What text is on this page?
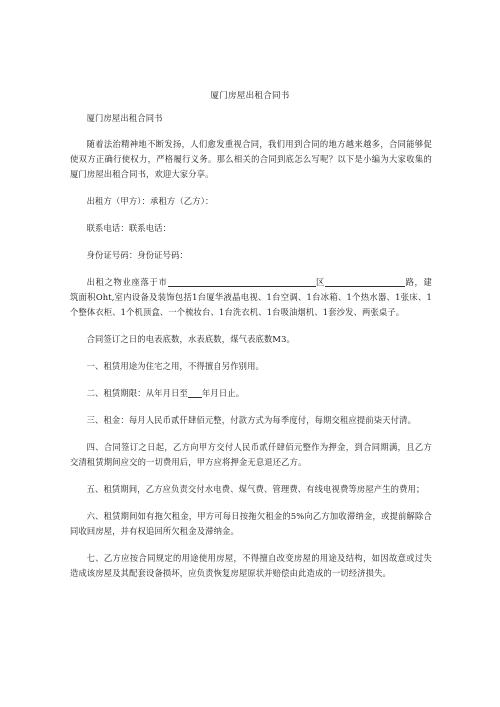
厦门房屋出租合同书

厦门房屋出租合同书

随着法治精神地不断发扬，人们愈发重视合同，我们用到合同的地方越来越多，合同能够促使双方正确行使权力，严格履行义务。那么相关的合同到底怎么写呢？以下是小编为大家收集的厦门房屋出租合同书，欢迎大家分享。

出租方（甲方）：承租方（乙方）：

联系电话：联系电话：

身份证号码：身份证号码：

出租之物业座落于市	区	路，建筑面积Oht,室内设备及装饰包括1台厦华液晶电视、1台空调、1台冰箱、1个热水器、1张床、1个整体衣柜、1个机顶盒、一个梳妆台、1台洗衣机、1台吸油烟机、1套沙发、两张桌子。

合同签订之日的电表底数，水表底数，煤气表底数M3。

一、租赁用途为住宅之用，不得擅自另作别用。

二、租赁期限：从年月日至 年月日止。

三、租金：每月人民币贰仟肆佰元整，付款方式为每季度付，每期交租应提前柒天付清。

四、合同签订之日起，乙方向甲方交付人民币贰仟肆佰元整作为押金，到合同期满，且乙方交清租赁期间应交的一切费用后，甲方应将押金无息退还乙方。

五、租赁期间，乙方应负责交付水电费、煤气费、管理费、有线电视费等房屋产生的费用；

六、租赁期间如有拖欠租金，甲方可每日按拖欠租金的5%向乙方加收滞纳金，或提前解除合同收回房屋，并有权追回所欠租金及滞纳金。

七、乙方应按合同规定的用途使用房屋，不得擅自改变房屋的用途及结构，如因故意或过失造成该房屋及其配套设备损坏，应负责恢复房屋原状并赔偿由此造成的一切经济损失。
